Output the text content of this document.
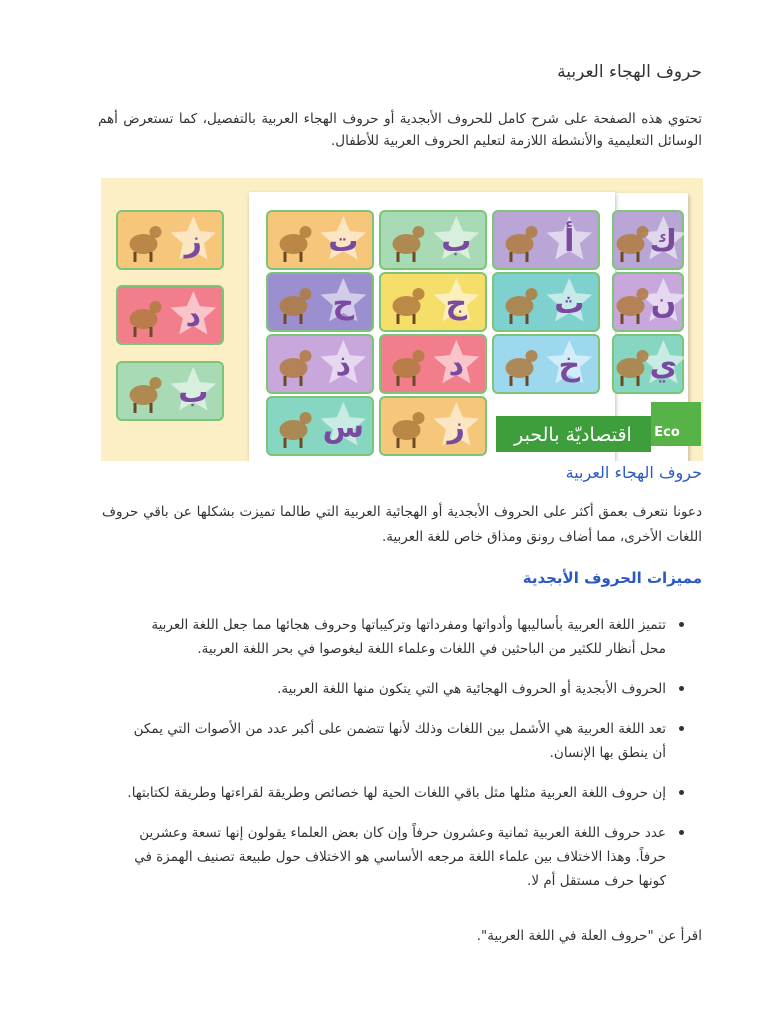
حروف الهجاء العربية

تحتوي هذه الصفحة على شرح كامل للحروف الأبجدية أو حروف الهجاء العربية بالتفصيل، كما تستعرض أهم الوسائل التعليمية والأنشطة اللازمة لتعليم الحروف العربية للأطفال.

ز
د
ب
أ
ب
ت
ث
ج
ح
خ
د
ذ
ز
س
ك
ن
ي
اقتصاديّة بالحبر Eco
حروف الهجاء العربية

دعونا نتعرف بعمق أكثر على الحروف الأبجدية أو الهجائية العربية التي طالما تميزت بشكلها عن باقي حروف اللغات الأخرى، مما أضاف رونق ومذاق خاص للغة العربية.

مميزات الحروف الأبجدية
تتميز اللغة العربية بأساليبها وأدواتها ومفرداتها وتركيباتها وحروف هجائها مما جعل اللغة العربية محل أنظار للكثير من الباحثين في اللغات وعلماء اللغة ليغوصوا في بحر اللغة العربية.
الحروف الأبجدية أو الحروف الهجائية هي التي يتكون منها اللغة العربية.
تعد اللغة العربية هي الأشمل بين اللغات وذلك لأنها تتضمن على أكبر عدد من الأصوات التي يمكن أن ينطق بها الإنسان.
إن حروف اللغة العربية مثلها مثل باقي اللغات الحية لها خصائص وطريقة لقراءتها وطريقة لكتابتها.
عدد حروف اللغة العربية ثمانية وعشرون حرفاً وإن كان بعض العلماء يقولون إنها تسعة وعشرين حرفاً. وهذا الاختلاف بين علماء اللغة مرجعه الأساسي هو الاختلاف حول طبيعة تصنيف الهمزة في كونها حرف مستقل أم لا.

اقرأ عن "حروف العلة في اللغة العربية".
